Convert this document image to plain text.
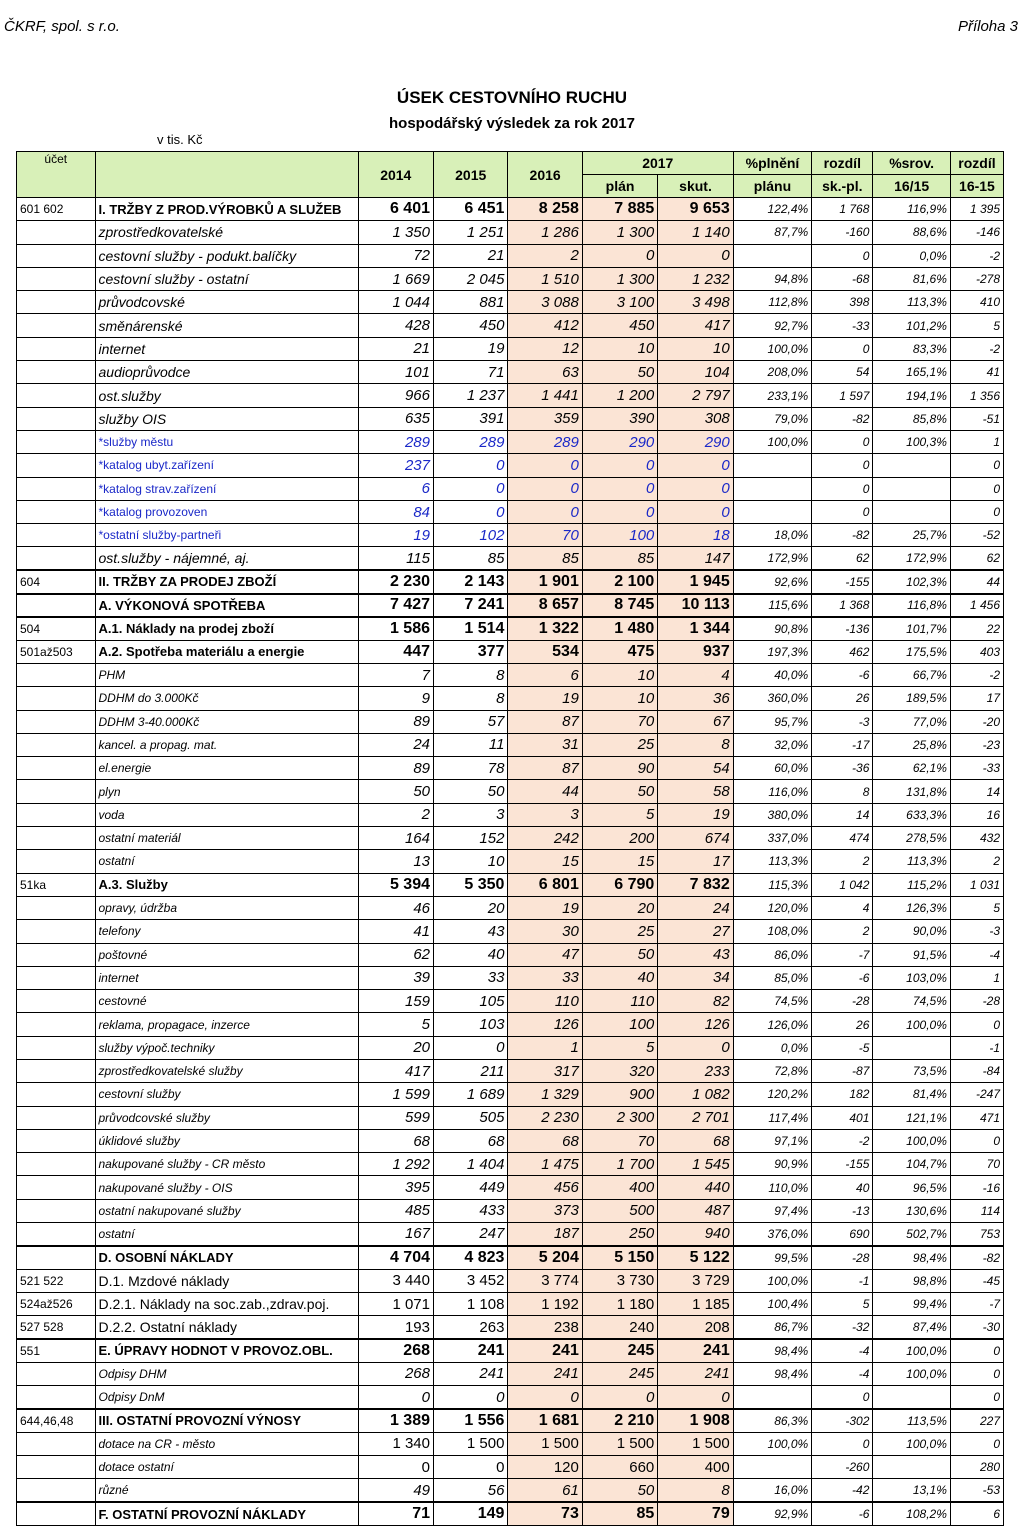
ČKRF, spol. s r.o.	Příloha 3
ÚSEK CESTOVNÍHO RUCHU
hospodářský výsledek za rok 2017
v tis. Kč
účet		2014	2015	2016	2017		%plnění	rozdíl	%srov.	rozdíl
					plán	skut.	plánu	sk.-pl.	16/15	16-15
601 602	I. TRŽBY Z PROD.VÝROBKŮ A SLUŽEB	6 401	6 451	8 258	7 885	9 653	122,4%	1 768	116,9%	1 395
	zprostředkovatelské	1 350	1 251	1 286	1 300	1 140	87,7%	-160	88,6%	-146
	cestovní služby - podukt.balíčky	72	21	2	0	0		0	0,0%	-2
	cestovní služby - ostatní	1 669	2 045	1 510	1 300	1 232	94,8%	-68	81,6%	-278
	průvodcovské	1 044	881	3 088	3 100	3 498	112,8%	398	113,3%	410
	směnárenské	428	450	412	450	417	92,7%	-33	101,2%	5
	internet	21	19	12	10	10	100,0%	0	83,3%	-2
	audioprůvodce	101	71	63	50	104	208,0%	54	165,1%	41
	ost.služby	966	1 237	1 441	1 200	2 797	233,1%	1 597	194,1%	1 356
	služby OIS	635	391	359	390	308	79,0%	-82	85,8%	-51
	*služby městu	289	289	289	290	290	100,0%	0	100,3%	1
	*katalog ubyt.zařízení	237	0	0	0	0		0		0
	*katalog strav.zařízení	6	0	0	0	0		0		0
	*katalog provozoven	84	0	0	0	0		0		0
	*ostatní služby-partneři	19	102	70	100	18	18,0%	-82	25,7%	-52
	ost.služby - nájemné, aj.	115	85	85	85	147	172,9%	62	172,9%	62
604	II. TRŽBY ZA PRODEJ ZBOŽÍ	2 230	2 143	1 901	2 100	1 945	92,6%	-155	102,3%	44
	A. VÝKONOVÁ SPOTŘEBA	7 427	7 241	8 657	8 745	10 113	115,6%	1 368	116,8%	1 456
504	A.1. Náklady na prodej zboží	1 586	1 514	1 322	1 480	1 344	90,8%	-136	101,7%	22
501až503	A.2. Spotřeba materiálu a energie	447	377	534	475	937	197,3%	462	175,5%	403
	PHM	7	8	6	10	4	40,0%	-6	66,7%	-2
	DDHM do 3.000Kč	9	8	19	10	36	360,0%	26	189,5%	17
	DDHM 3-40.000Kč	89	57	87	70	67	95,7%	-3	77,0%	-20
	kancel. a propag. mat.	24	11	31	25	8	32,0%	-17	25,8%	-23
	el.energie	89	78	87	90	54	60,0%	-36	62,1%	-33
	plyn	50	50	44	50	58	116,0%	8	131,8%	14
	voda	2	3	3	5	19	380,0%	14	633,3%	16
	ostatní materiál	164	152	242	200	674	337,0%	474	278,5%	432
	ostatní	13	10	15	15	17	113,3%	2	113,3%	2
51ka	A.3. Služby	5 394	5 350	6 801	6 790	7 832	115,3%	1 042	115,2%	1 031
	opravy, údržba	46	20	19	20	24	120,0%	4	126,3%	5
	telefony	41	43	30	25	27	108,0%	2	90,0%	-3
	poštovné	62	40	47	50	43	86,0%	-7	91,5%	-4
	internet	39	33	33	40	34	85,0%	-6	103,0%	1
	cestovné	159	105	110	110	82	74,5%	-28	74,5%	-28
	reklama, propagace, inzerce	5	103	126	100	126	126,0%	26	100,0%	0
	služby výpoč.techniky	20	0	1	5	0	0,0%	-5		-1
	zprostředkovatelské služby	417	211	317	320	233	72,8%	-87	73,5%	-84
	cestovní služby	1 599	1 689	1 329	900	1 082	120,2%	182	81,4%	-247
	průvodcovské služby	599	505	2 230	2 300	2 701	117,4%	401	121,1%	471
	úklidové služby	68	68	68	70	68	97,1%	-2	100,0%	0
	nakupované služby - CR město	1 292	1 404	1 475	1 700	1 545	90,9%	-155	104,7%	70
	nakupované služby - OIS	395	449	456	400	440	110,0%	40	96,5%	-16
	ostatní nakupované služby	485	433	373	500	487	97,4%	-13	130,6%	114
	ostatní	167	247	187	250	940	376,0%	690	502,7%	753
	D. OSOBNÍ NÁKLADY	4 704	4 823	5 204	5 150	5 122	99,5%	-28	98,4%	-82
521 522	D.1. Mzdové náklady	3 440	3 452	3 774	3 730	3 729	100,0%	-1	98,8%	-45
524až526	D.2.1. Náklady na soc.zab.,zdrav.poj.	1 071	1 108	1 192	1 180	1 185	100,4%	5	99,4%	-7
527 528	D.2.2. Ostatní náklady	193	263	238	240	208	86,7%	-32	87,4%	-30
551	E. ÚPRAVY HODNOT V PROVOZ.OBL.	268	241	241	245	241	98,4%	-4	100,0%	0
	Odpisy DHM	268	241	241	245	241	98,4%	-4	100,0%	0
	Odpisy DnM	0	0	0	0	0		0		0
644,46,48	III. OSTATNÍ PROVOZNÍ VÝNOSY	1 389	1 556	1 681	2 210	1 908	86,3%	-302	113,5%	227
	dotace na CR - město	1 340	1 500	1 500	1 500	1 500	100,0%	0	100,0%	0
	dotace ostatní	0	0	120	660	400		-260		280
	různé	49	56	61	50	8	16,0%	-42	13,1%	-53
	F. OSTATNÍ PROVOZNÍ NÁKLADY	71	149	73	85	79	92,9%	-6	108,2%	6
